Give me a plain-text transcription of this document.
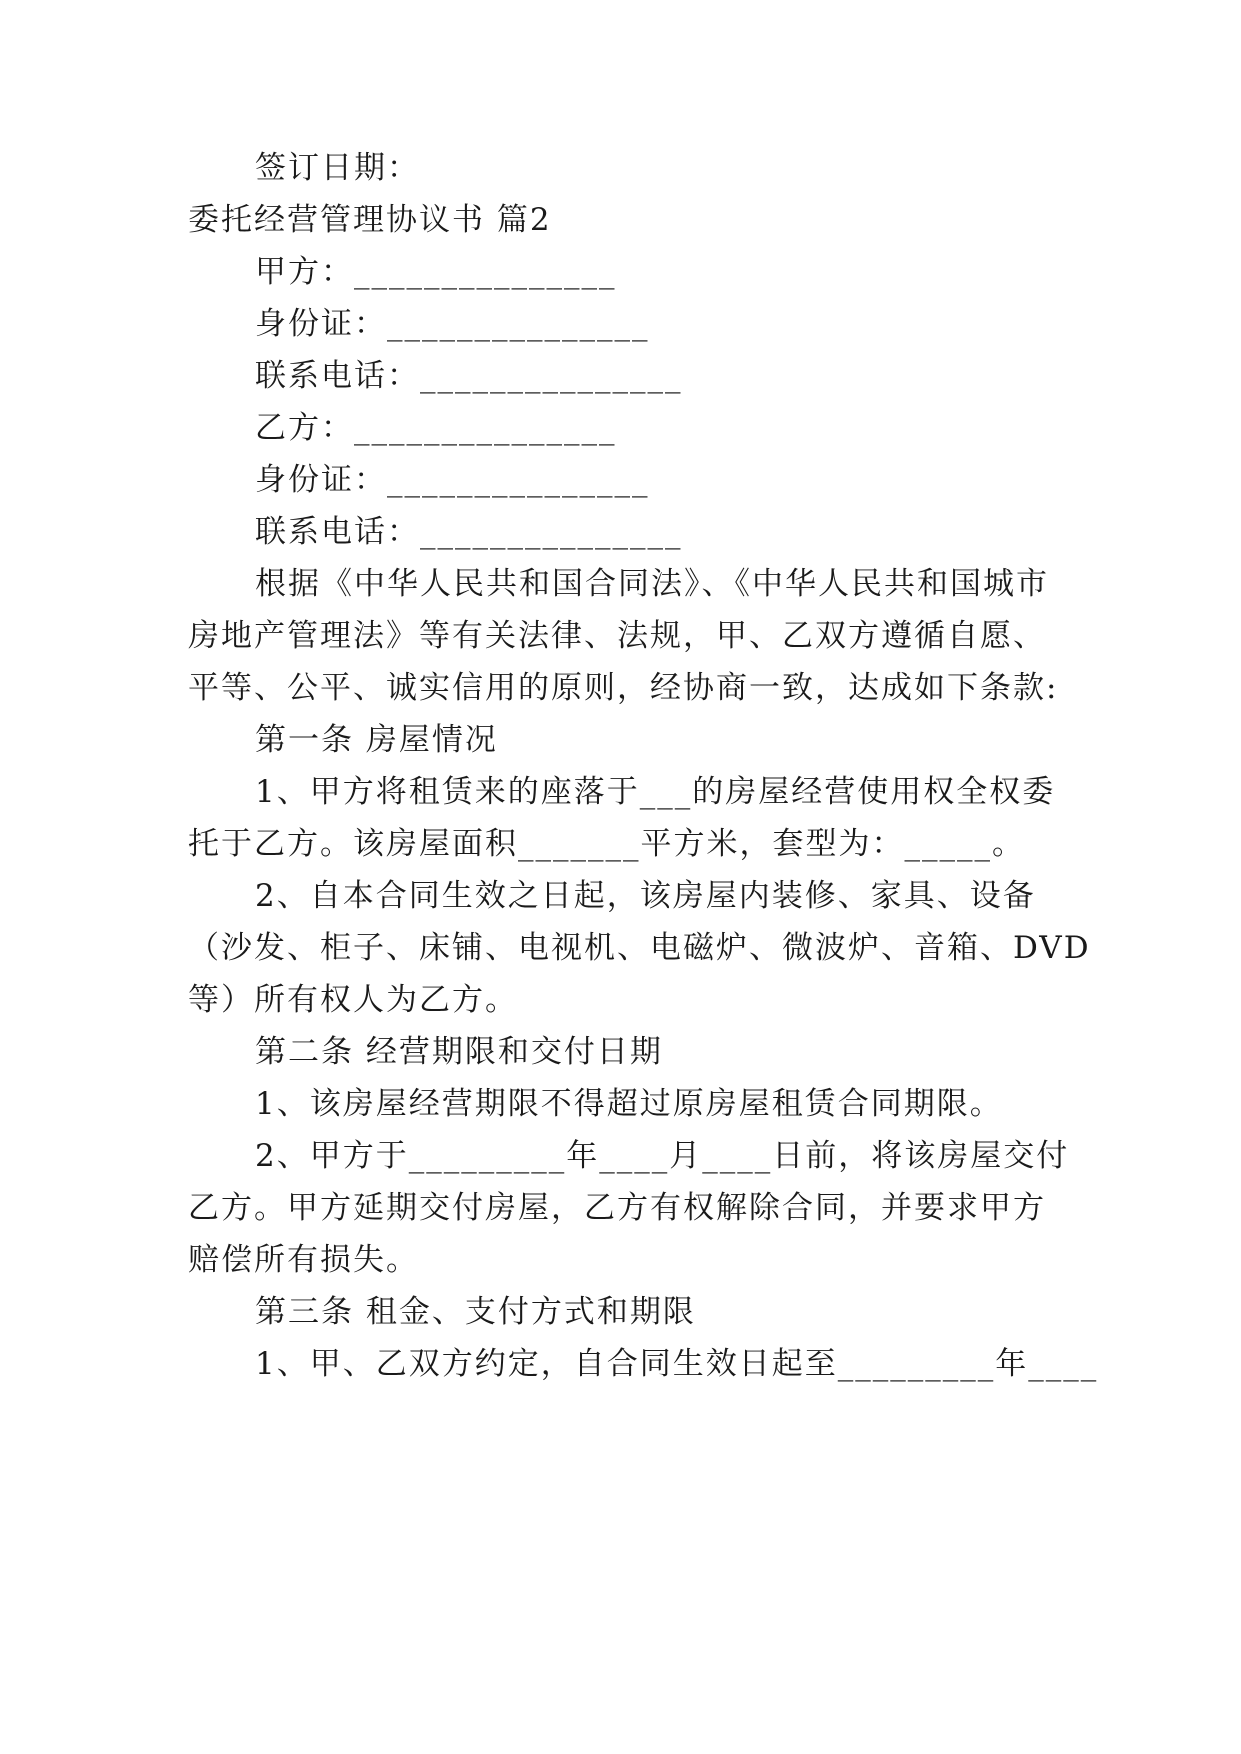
签订日期：
委托经营管理协议书 篇2
甲方：_______________
身份证：_______________
联系电话：_______________
乙方：_______________
身份证：_______________
联系电话：_______________
根据《中华人民共和国合同法》、《中华人民共和国城市
房地产管理法》等有关法律、法规，甲、乙双方遵循自愿、
平等、公平、诚实信用的原则，经协商一致，达成如下条款:
第一条 房屋情况
1、甲方将租赁来的座落于___的房屋经营使用权全权委
托于乙方。该房屋面积_______平方米，套型为：_____。
2、自本合同生效之日起，该房屋内装修、家具、设备
（沙发、柜子、床铺、电视机、电磁炉、微波炉、音箱、DVD
等）所有权人为乙方。
第二条 经营期限和交付日期
1、该房屋经营期限不得超过原房屋租赁合同期限。
2、甲方于_________年____月____日前，将该房屋交付
乙方。甲方延期交付房屋，乙方有权解除合同，并要求甲方
赔偿所有损失。
第三条 租金、支付方式和期限
1、甲、乙双方约定，自合同生效日起至_________年____
